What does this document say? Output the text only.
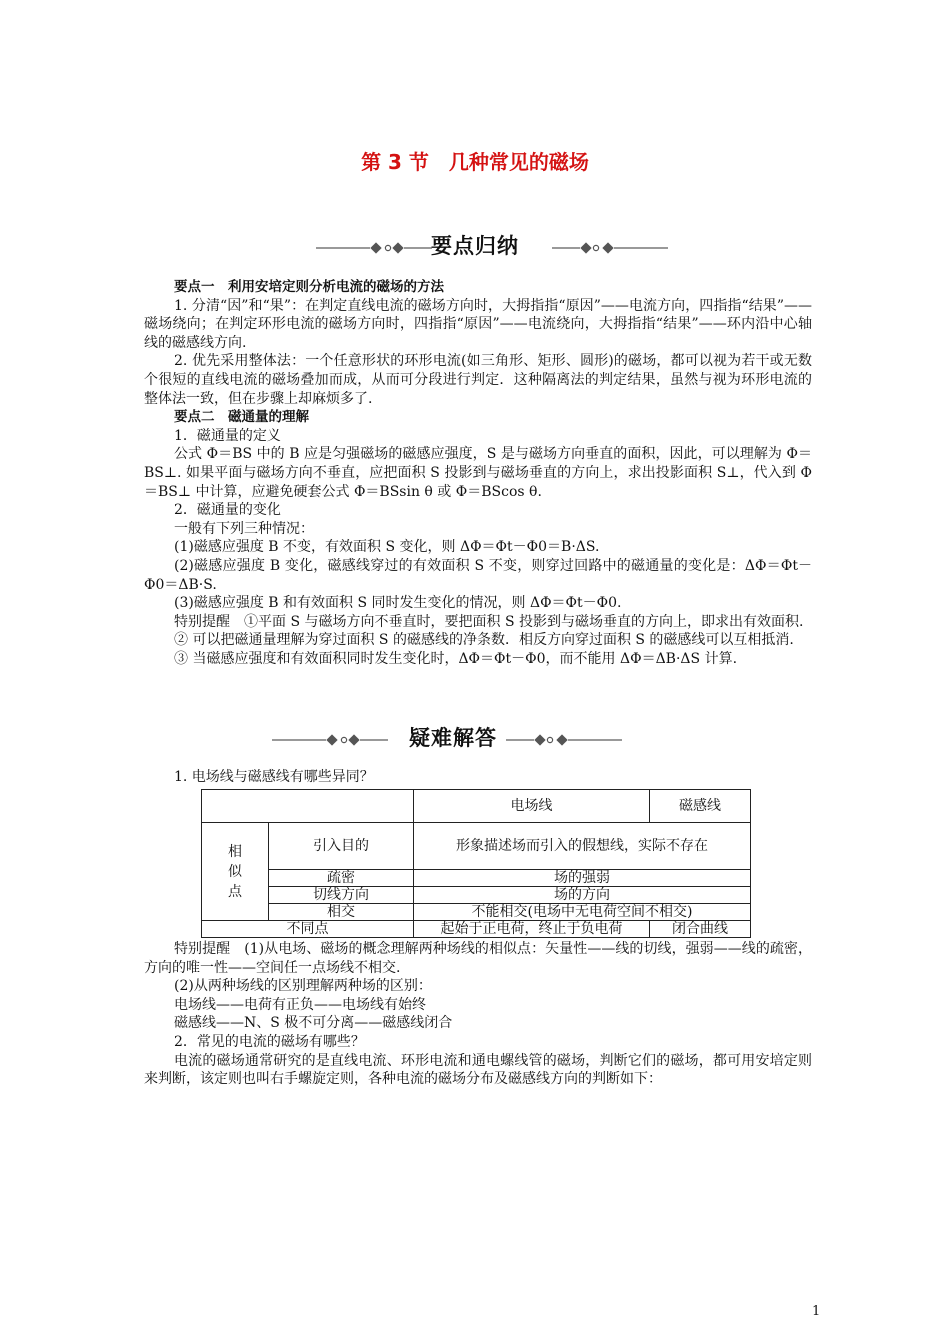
第 3 节　几种常见的磁场
要点归纳

要点一　利用安培定则分析电流的磁场的方法

1. 分清“因”和“果”：在判定直线电流的磁场方向时，大拇指指“原因”——电流方向，四指指“结果”——磁场绕向；在判定环形电流的磁场方向时，四指指“原因”——电流绕向，大拇指指“结果”——环内沿中心轴线的磁感线方向.

2. 优先采用整体法：一个任意形状的环形电流(如三角形、矩形、圆形)的磁场，都可以视为若干或无数个很短的直线电流的磁场叠加而成，从而可分段进行判定．这种隔离法的判定结果，虽然与视为环形电流的整体法一致，但在步骤上却麻烦多了.

要点二　磁通量的理解

1．磁通量的定义

公式 Φ＝BS 中的 B 应是匀强磁场的磁感应强度，S 是与磁场方向垂直的面积，因此，可以理解为 Φ＝BS⊥. 如果平面与磁场方向不垂直，应把面积 S 投影到与磁场垂直的方向上，求出投影面积 S⊥，代入到 Φ＝BS⊥ 中计算，应避免硬套公式 Φ＝BSsin θ 或 Φ＝BScos θ.

2．磁通量的变化

一般有下列三种情况：

(1)磁感应强度 B 不变，有效面积 S 变化，则 ΔΦ＝Φt－Φ0＝B·ΔS.

(2)磁感应强度 B 变化，磁感线穿过的有效面积 S 不变，则穿过回路中的磁通量的变化是：ΔΦ＝Φt－Φ0＝ΔB·S.

(3)磁感应强度 B 和有效面积 S 同时发生变化的情况，则 ΔΦ＝Φt－Φ0.

特别提醒　①平面 S 与磁场方向不垂直时，要把面积 S 投影到与磁场垂直的方向上，即求出有效面积.

② 可以把磁通量理解为穿过面积 S 的磁感线的净条数．相反方向穿过面积 S 的磁感线可以互相抵消.

③ 当磁感应强度和有效面积同时发生变化时，ΔΦ＝Φt－Φ0，而不能用 ΔΦ＝ΔB·ΔS 计算.

疑难解答

1. 电场线与磁感线有哪些异同？

		电场线	磁感线

相似点	引入目的	形象描述场而引入的假想线，实际不存在	
	疏密	场的强弱	
	切线方向	场的方向	
	相交	不能相交(电场中无电荷空间不相交)	
不同点		起始于正电荷，终止于负电荷	闭合曲线

特别提醒　(1)从电场、磁场的概念理解两种场线的相似点：矢量性——线的切线，强弱——线的疏密，方向的唯一性——空间任一点场线不相交.

(2)从两种场线的区别理解两种场的区别：

电场线——电荷有正负——电场线有始终

磁感线——N、S 极不可分离——磁感线闭合

2．常见的电流的磁场有哪些？

电流的磁场通常研究的是直线电流、环形电流和通电螺线管的磁场，判断它们的磁场，都可用安培定则来判断，该定则也叫右手螺旋定则，各种电流的磁场分布及磁感线方向的判断如下：

1
